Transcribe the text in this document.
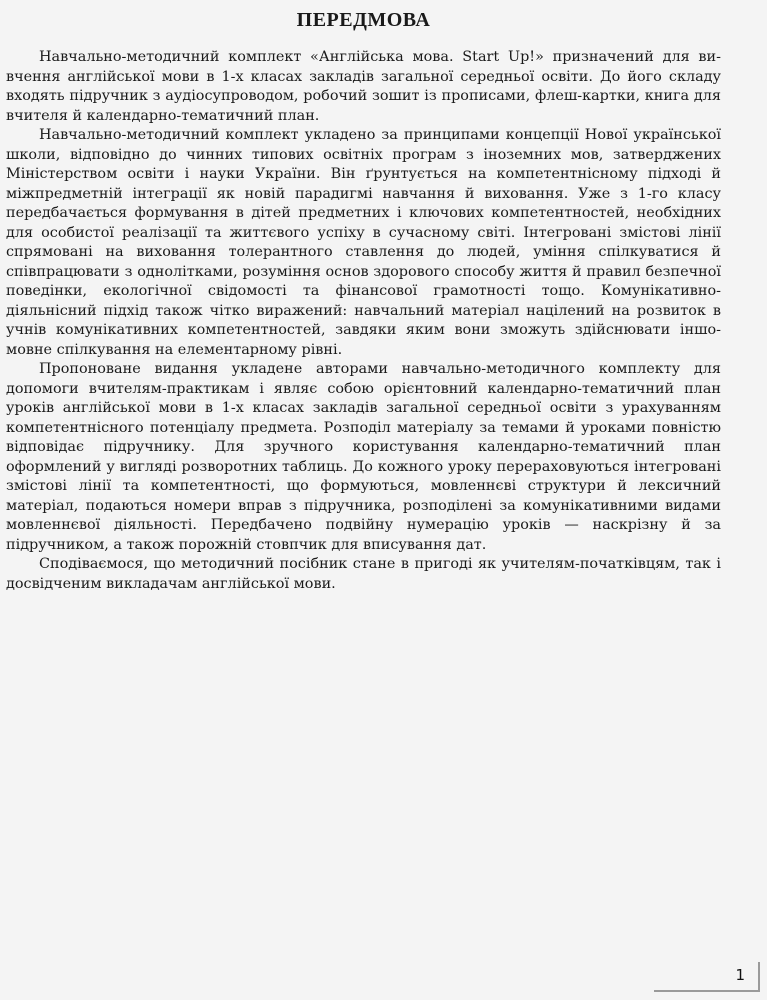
ПЕРЕДМОВА

Навчально-методичний комплект «Англійська мова. Start Up!» призначений для вивчення англійської мови в 1-х класах закладів загальної середньої освіти. До його складу входять підручник з аудіосупроводом, робочий зошит із прописами, флеш-картки, книга для вчителя й календарно-тематичний план.

Навчально-методичний комплект укладено за принципами концепції Нової української школи, відповідно до чинних типових освітніх програм з іноземних мов, затверджених Міністерством освіти і науки України. Він ґрунтується на компетентнісному підході й міжпредметній інтеграції як новій парадигмі навчання й виховання. Уже з 1-го класу передбачається формування в дітей предметних і ключових компетентностей, необхідних для особистої реалізації та життєвого успіху в сучасному світі. Інтегровані змістові лінії спрямовані на виховання толерантного ставлення до людей, уміння спілкуватися й співпрацювати з однолітками, розуміння основ здорового способу життя й правил безпечної поведінки, екологічної свідомості та фінансової грамотності тощо. Комунікативно-діяльнісний підхід також чітко виражений: навчальний матеріал націлений на розвиток в учнів комунікативних компетентностей, завдяки яким вони зможуть здійснювати іншомовне спілкування на елементарному рівні.

Пропоноване видання укладене авторами навчально-методичного комплекту для допомоги вчителям-практикам і являє собою орієнтовний календарно-тематичний план уроків англійської мови в 1-х класах закладів загальної середньої освіти з урахуванням компетентнісного потенціалу предмета. Розподіл матеріалу за темами й уроками повністю відповідає підручнику. Для зручного користування календарно-тематичний план оформлений у вигляді розворотних таблиць. До кожного уроку перераховуються інтегровані змістові лінії та компетентності, що формуються, мовленнєві структури й лексичний матеріал, подаються номери вправ з підручника, розподілені за комунікативними видами мовленнєвої діяльності. Передбачено подвійну нумерацію уроків — наскрізну й за підручником, а також порожній стовпчик для вписування дат.

Сподіваємося, що методичний посібник стане в пригоді як учителям-початківцям, так і досвідченим викладачам англійської мови.

1
